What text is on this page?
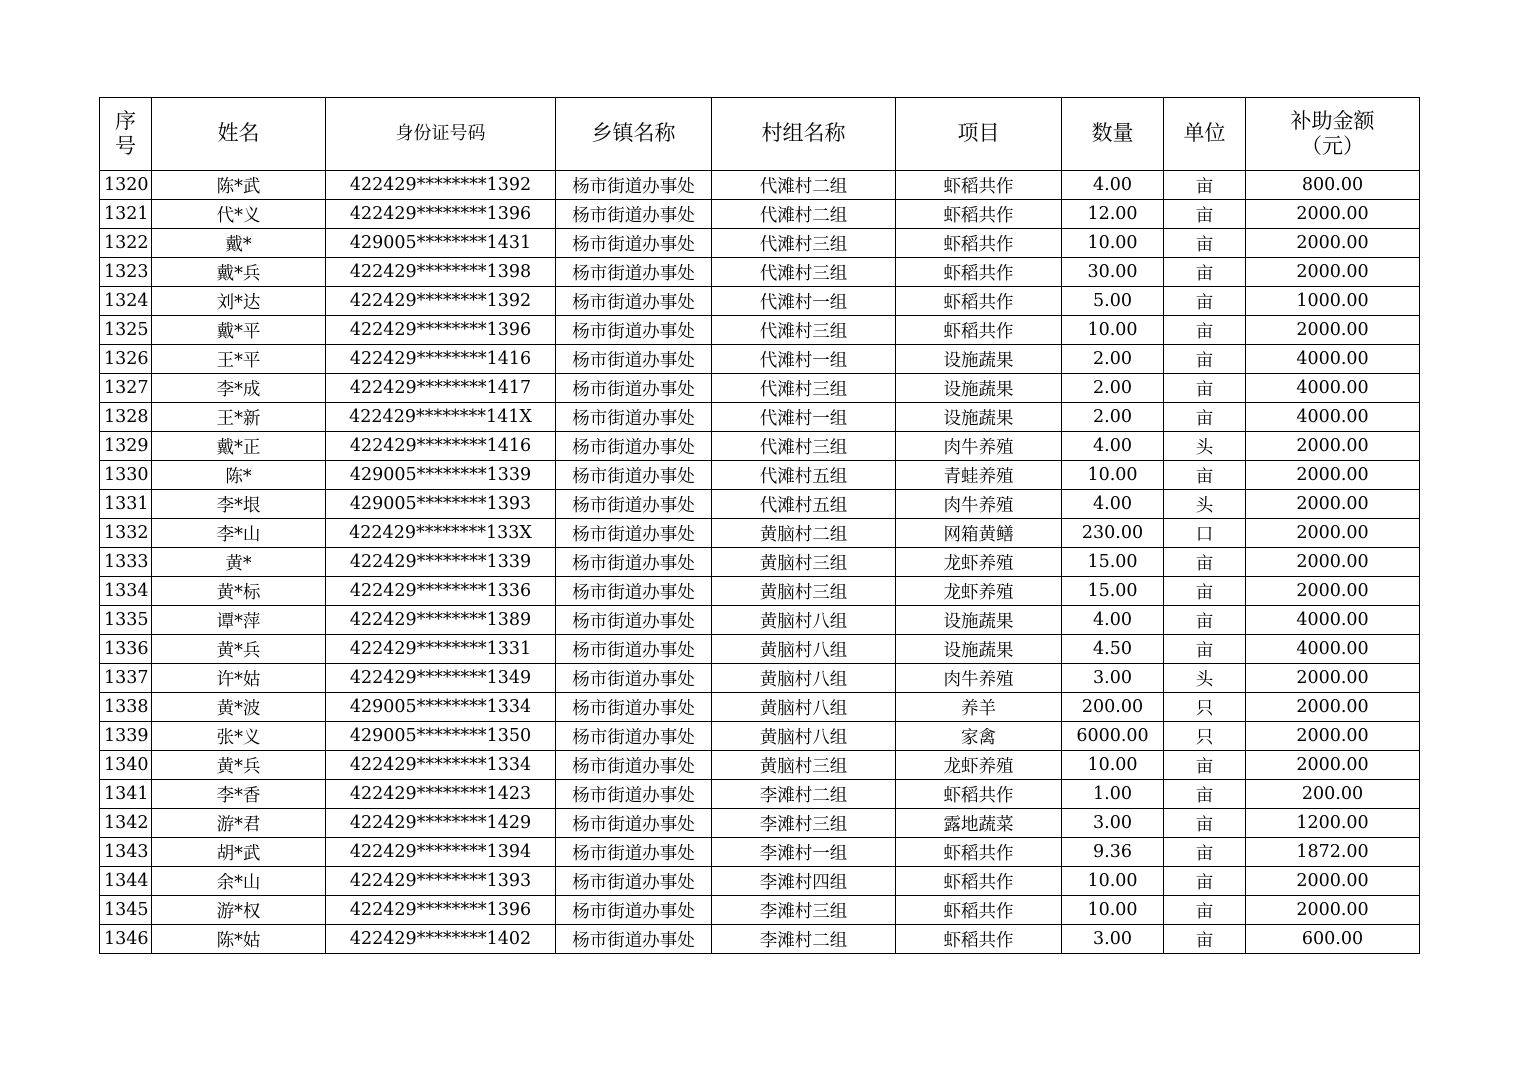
序号	姓名	身份证号码	乡镇名称	村组名称	项目	数量	单位	补助金额（元）
1320	陈*武	422429********1392	杨市街道办事处	代滩村二组	虾稻共作	4.00	亩	800.00
1321	代*义	422429********1396	杨市街道办事处	代滩村二组	虾稻共作	12.00	亩	2000.00
1322	戴*	429005********1431	杨市街道办事处	代滩村三组	虾稻共作	10.00	亩	2000.00
1323	戴*兵	422429********1398	杨市街道办事处	代滩村三组	虾稻共作	30.00	亩	2000.00
1324	刘*达	422429********1392	杨市街道办事处	代滩村一组	虾稻共作	5.00	亩	1000.00
1325	戴*平	422429********1396	杨市街道办事处	代滩村三组	虾稻共作	10.00	亩	2000.00
1326	王*平	422429********1416	杨市街道办事处	代滩村一组	设施蔬果	2.00	亩	4000.00
1327	李*成	422429********1417	杨市街道办事处	代滩村三组	设施蔬果	2.00	亩	4000.00
1328	王*新	422429********141X	杨市街道办事处	代滩村一组	设施蔬果	2.00	亩	4000.00
1329	戴*正	422429********1416	杨市街道办事处	代滩村三组	肉牛养殖	4.00	头	2000.00
1330	陈*	429005********1339	杨市街道办事处	代滩村五组	青蛙养殖	10.00	亩	2000.00
1331	李*垠	429005********1393	杨市街道办事处	代滩村五组	肉牛养殖	4.00	头	2000.00
1332	李*山	422429********133X	杨市街道办事处	黄脑村二组	网箱黄鳝	230.00	口	2000.00
1333	黄*	422429********1339	杨市街道办事处	黄脑村三组	龙虾养殖	15.00	亩	2000.00
1334	黄*标	422429********1336	杨市街道办事处	黄脑村三组	龙虾养殖	15.00	亩	2000.00
1335	谭*萍	422429********1389	杨市街道办事处	黄脑村八组	设施蔬果	4.00	亩	4000.00
1336	黄*兵	422429********1331	杨市街道办事处	黄脑村八组	设施蔬果	4.50	亩	4000.00
1337	许*姑	422429********1349	杨市街道办事处	黄脑村八组	肉牛养殖	3.00	头	2000.00
1338	黄*波	429005********1334	杨市街道办事处	黄脑村八组	养羊	200.00	只	2000.00
1339	张*义	429005********1350	杨市街道办事处	黄脑村八组	家禽	6000.00	只	2000.00
1340	黄*兵	422429********1334	杨市街道办事处	黄脑村三组	龙虾养殖	10.00	亩	2000.00
1341	李*香	422429********1423	杨市街道办事处	李滩村二组	虾稻共作	1.00	亩	200.00
1342	游*君	422429********1429	杨市街道办事处	李滩村三组	露地蔬菜	3.00	亩	1200.00
1343	胡*武	422429********1394	杨市街道办事处	李滩村一组	虾稻共作	9.36	亩	1872.00
1344	余*山	422429********1393	杨市街道办事处	李滩村四组	虾稻共作	10.00	亩	2000.00
1345	游*权	422429********1396	杨市街道办事处	李滩村三组	虾稻共作	10.00	亩	2000.00
1346	陈*姑	422429********1402	杨市街道办事处	李滩村二组	虾稻共作	3.00	亩	600.00
